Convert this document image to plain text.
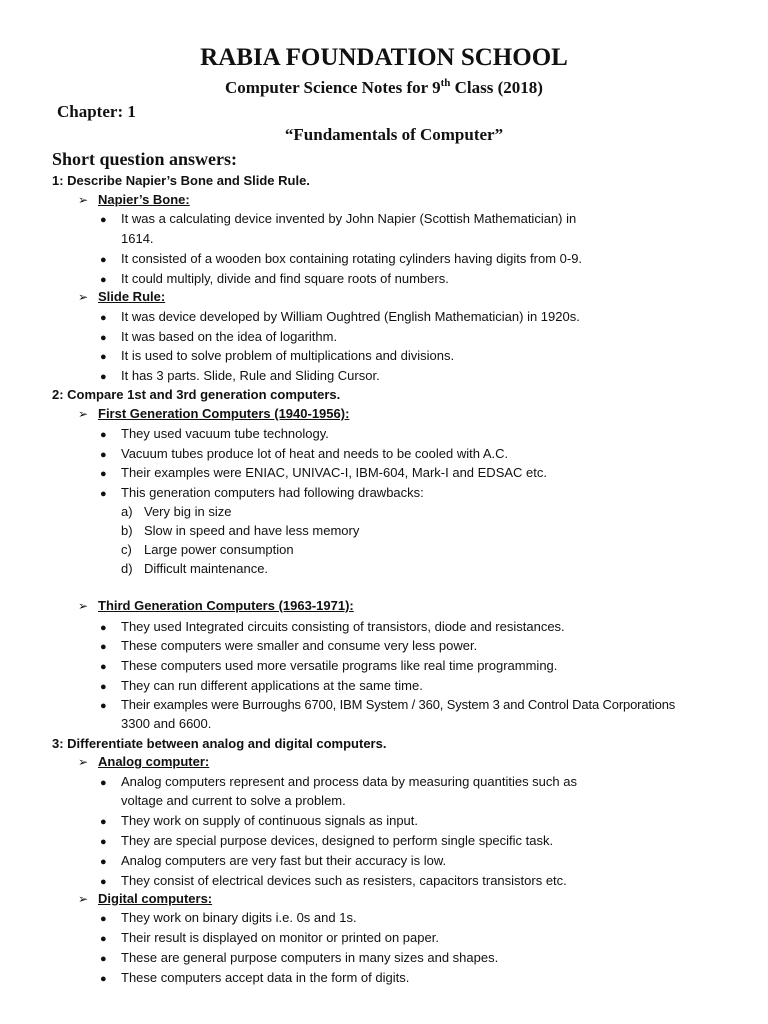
RABIA FOUNDATION SCHOOL
Computer Science Notes for 9th Class (2018)
Chapter: 1
“Fundamentals of Computer”
Short question answers:
1: Describe Napier’s Bone and Slide Rule.
➢ Napier’s Bone:
● It was a calculating device invented by John Napier (Scottish Mathematician) in
1614.
● It consisted of a wooden box containing rotating cylinders having digits from 0-9.
● It could multiply, divide and find square roots of numbers.
➢ Slide Rule:
● It was device developed by William Oughtred (English Mathematician) in 1920s.
● It was based on the idea of logarithm.
● It is used to solve problem of multiplications and divisions.
● It has 3 parts. Slide, Rule and Sliding Cursor.
2: Compare 1st and 3rd generation computers.
➢ First Generation Computers (1940-1956):
● They used vacuum tube technology.
● Vacuum tubes produce lot of heat and needs to be cooled with A.C.
● Their examples were ENIAC, UNIVAC-I, IBM-604, Mark-I and EDSAC etc.
● This generation computers had following drawbacks:
a) Very big in size
b) Slow in speed and have less memory
c) Large power consumption
d) Difficult maintenance.
➢ Third Generation Computers (1963-1971):
● They used Integrated circuits consisting of transistors, diode and resistances.
● These computers were smaller and consume very less power.
● These computers used more versatile programs like real time programming.
● They can run different applications at the same time.
● Their examples were Burroughs 6700, IBM System / 360, System 3 and Control Data Corporations
3300 and 6600.
3: Differentiate between analog and digital computers.
➢ Analog computer:
● Analog computers represent and process data by measuring quantities such as
voltage and current to solve a problem.
● They work on supply of continuous signals as input.
● They are special purpose devices, designed to perform single specific task.
● Analog computers are very fast but their accuracy is low.
● They consist of electrical devices such as resisters, capacitors transistors etc.
➢ Digital computers:
● They work on binary digits i.e. 0s and 1s.
● Their result is displayed on monitor or printed on paper.
● These are general purpose computers in many sizes and shapes.
● These computers accept data in the form of digits.
